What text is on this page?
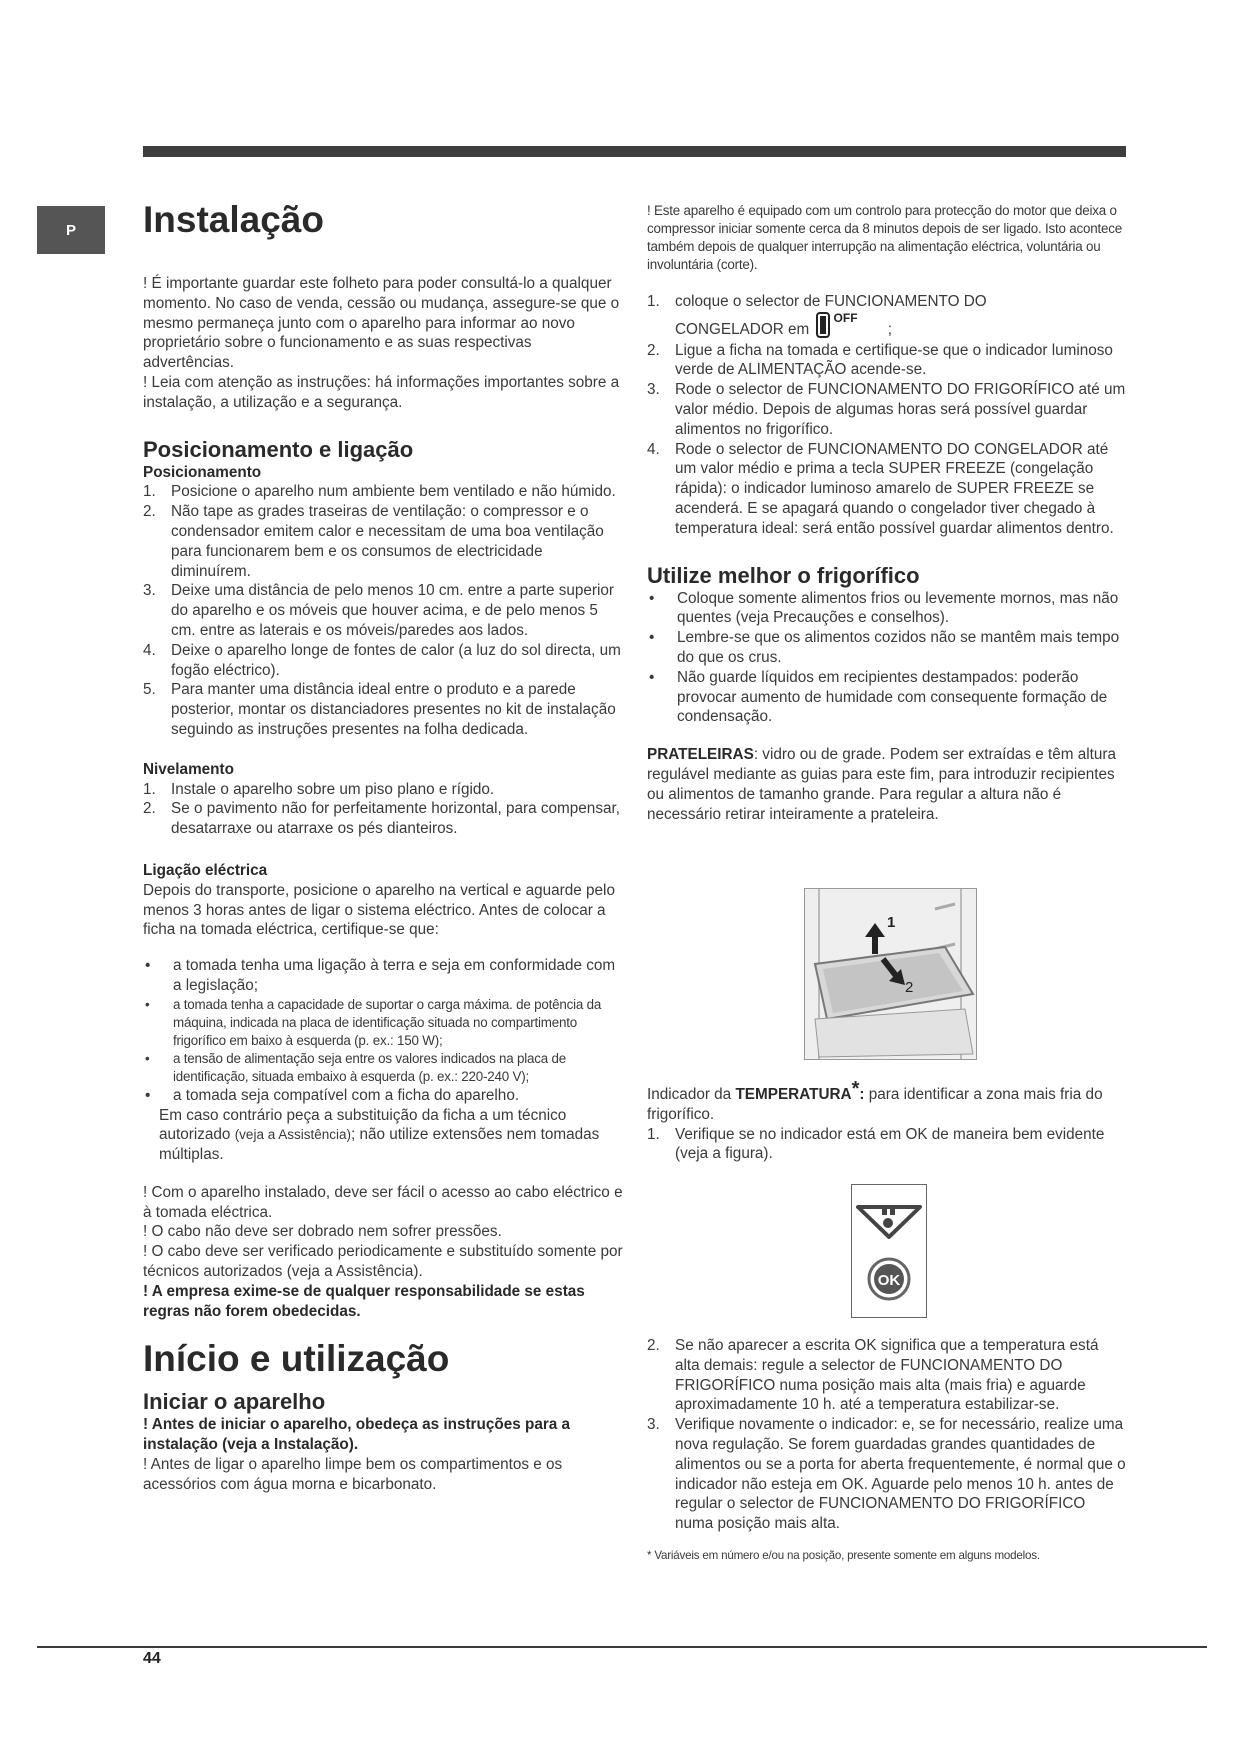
P Instalação

! É importante guardar este folheto para poder consultá-lo a qualquer momento. No caso de venda, cessão ou mudança, assegure-se que o mesmo permaneça junto com o aparelho para informar ao novo proprietário sobre o funcionamento e as suas respectivas advertências.

! Leia com atenção as instruções: há informações importantes sobre a instalação, a utilização e a segurança.

Posicionamento e ligação
Posicionamento
1. Posicione o aparelho num ambiente bem ventilado e não húmido.
2. Não tape as grades traseiras de ventilação: o compressor e o condensador emitem calor e necessitam de uma boa ventilação para funcionarem bem e os consumos de electricidade diminuírem.
3. Deixe uma distância de pelo menos 10 cm. entre a parte superior do aparelho e os móveis que houver acima, e de pelo menos 5 cm. entre as laterais e os móveis/paredes aos lados.
4. Deixe o aparelho longe de fontes de calor (a luz do sol directa, um fogão eléctrico).
5. Para manter uma distância ideal entre o produto e a parede posterior, montar os distanciadores presentes no kit de instalação seguindo as instruções presentes na folha dedicada.
Nivelamento
1. Instale o aparelho sobre um piso plano e rígido.
2. Se o pavimento não for perfeitamente horizontal, para compensar, desatarraxe ou atarraxe os pés dianteiros.
Ligação eléctrica

Depois do transporte, posicione o aparelho na vertical e aguarde pelo menos 3 horas antes de ligar o sistema eléctrico. Antes de colocar a ficha na tomada eléctrica, certifique-se que:

•	a tomada tenha uma ligação à terra e seja em conformidade com a legislação;
•	a tomada tenha a capacidade de suportar o carga máxima. de potência da máquina, indicada na placa de identificação situada no compartimento frigorífico em baixo à esquerda (p. ex.: 150 W);
•	a tensão de alimentação seja entre os valores indicados na placa de identificação, situada embaixo à esquerda (p. ex.: 220-240 V);
•	a tomada seja compatível com a ficha do aparelho.

Em caso contrário peça a substituição da ficha a um técnico autorizado (veja a Assistência); não utilize extensões nem tomadas múltiplas.

! Com o aparelho instalado, deve ser fácil o acesso ao cabo eléctrico e à tomada eléctrica.

! O cabo não deve ser dobrado nem sofrer pressões.

! O cabo deve ser verificado periodicamente e substituído somente por técnicos autorizados (veja a Assistência).

! A empresa exime-se de qualquer responsabilidade se estas regras não forem obedecidas.

Início e utilização
Iniciar o aparelho

! Antes de iniciar o aparelho, obedeça as instruções para a instalação (veja a Instalação).

! Antes de ligar o aparelho limpe bem os compartimentos e os acessórios com água morna e bicarbonato.

! Este aparelho é equipado com um controlo para protecção do motor que deixa o compressor iniciar somente cerca da 8 minutos depois de ser ligado. Isto acontece também depois de qualquer interrupção na alimentação eléctrica, voluntária ou involuntária (corte).

1. coloque o selector de FUNCIONAMENTO DO
CONGELADOR em $^{OFF}$ ;
2. Ligue a ficha na tomada e certifique-se que o indicador luminoso verde de ALIMENTAÇÃO acende-se.
3. Rode o selector de FUNCIONAMENTO DO FRIGORÍFICO até um valor médio. Depois de algumas horas será possível guardar alimentos no frigorífico.
4. Rode o selector de FUNCIONAMENTO DO CONGELADOR até um valor médio e prima a tecla SUPER FREEZE (congelação rápida): o indicador luminoso amarelo de SUPER FREEZE se acenderá. E se apagará quando o congelador tiver chegado à temperatura ideal: será então possível guardar alimentos dentro.
Utilize melhor o frigorífico
•	Coloque somente alimentos frios ou levemente mornos, mas não quentes (veja Precauções e conselhos).
•	Lembre-se que os alimentos cozidos não se mantêm mais tempo do que os crus.
•	Não guarde líquidos em recipientes destampados: poderão provocar aumento de humidade com consequente formação de condensação.

PRATELEIRAS: vidro ou de grade. Podem ser extraídas e têm altura regulável mediante as guias para este fim, para introduzir recipientes ou alimentos de tamanho grande. Para regular a altura não é necessário retirar inteiramente a prateleira.

1
2

Indicador da TEMPERATURA*: para identificar a zona mais fria do frigorífico.

1. Verifique se no indicador está em OK de maneira bem evidente (veja a figura).
OK
2. Se não aparecer a escrita OK significa que a temperatura está alta demais: regule a selector de FUNCIONAMENTO DO FRIGORÍFICO numa posição mais alta (mais fria) e aguarde aproximadamente 10 h. até a temperatura estabilizar-se.
3. Verifique novamente o indicador: e, se for necessário, realize uma nova regulação. Se forem guardadas grandes quantidades de alimentos ou se a porta for aberta frequentemente, é normal que o indicador não esteja em OK. Aguarde pelo menos 10 h. antes de regular o selector de FUNCIONAMENTO DO FRIGORÍFICO numa posição mais alta.

* Variáveis em número e/ou na posição, presente somente em alguns modelos.

44
